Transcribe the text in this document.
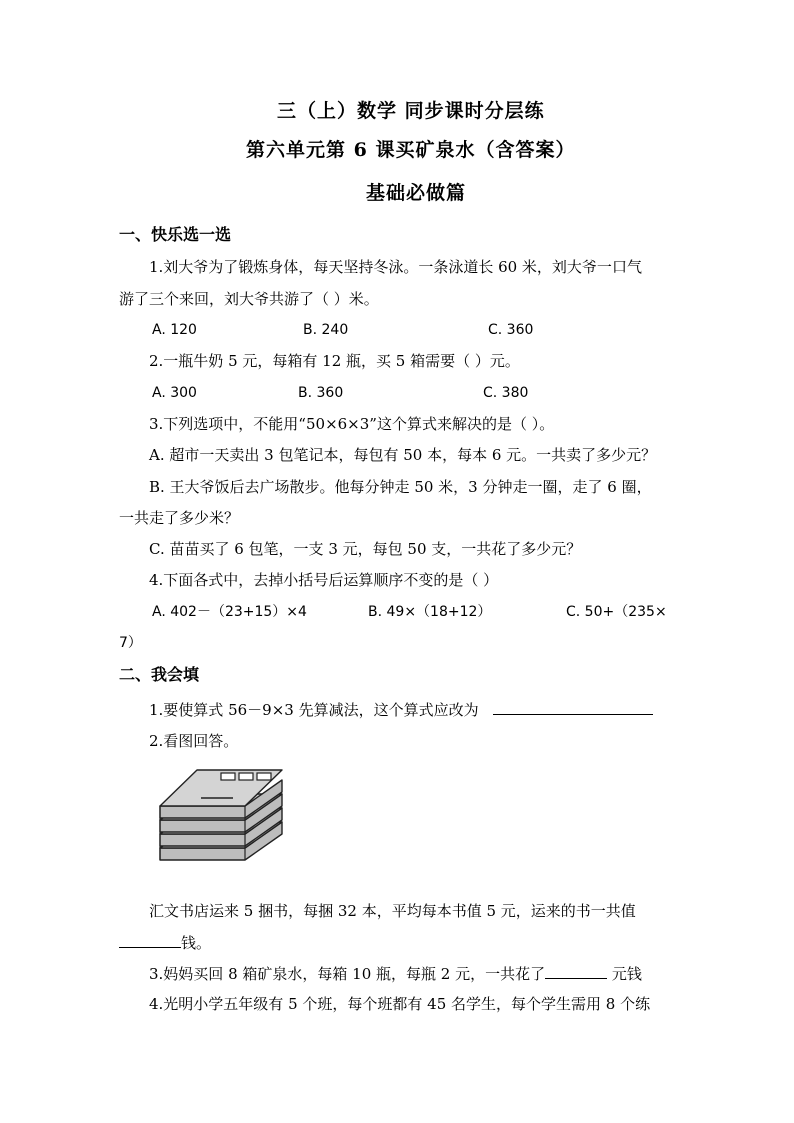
三（上）数学 同步课时分层练
第六单元第 6 课买矿泉水（含答案）
基础必做篇
一、快乐选一选
1.刘大爷为了锻炼身体，每天坚持冬泳。一条泳道长 60 米，刘大爷一口气
游了三个来回，刘大爷共游了（ ）米。
A. 120	B. 240	C. 360
2.一瓶牛奶 5 元，每箱有 12 瓶，买 5 箱需要（ ）元。
A. 300	B. 360	C. 380
3.下列选项中，不能用“50×6×3”这个算式来解决的是（ ）。
A. 超市一天卖出 3 包笔记本，每包有 50 本，每本 6 元。一共卖了多少元？
B. 王大爷饭后去广场散步。他每分钟走 50 米，3 分钟走一圈，走了 6 圈，
一共走了多少米？
C. 苗苗买了 6 包笔，一支 3 元，每包 50 支，一共花了多少元？
4.下面各式中，去掉小括号后运算顺序不变的是（ ）
A. 402－（23+15）×4	B. 49×（18+12）	C. 50+（235×
7）
二、我会填
1.要使算式 56－9×3 先算减法，这个算式应改为
2.看图回答。
汇文书店运来 5 捆书，每捆 32 本，平均每本书值 5 元，运来的书一共值
钱。
3.妈妈买回 8 箱矿泉水，每箱 10 瓶，每瓶 2 元，一共花了	元钱
4.光明小学五年级有 5 个班，每个班都有 45 名学生，每个学生需用 8 个练
